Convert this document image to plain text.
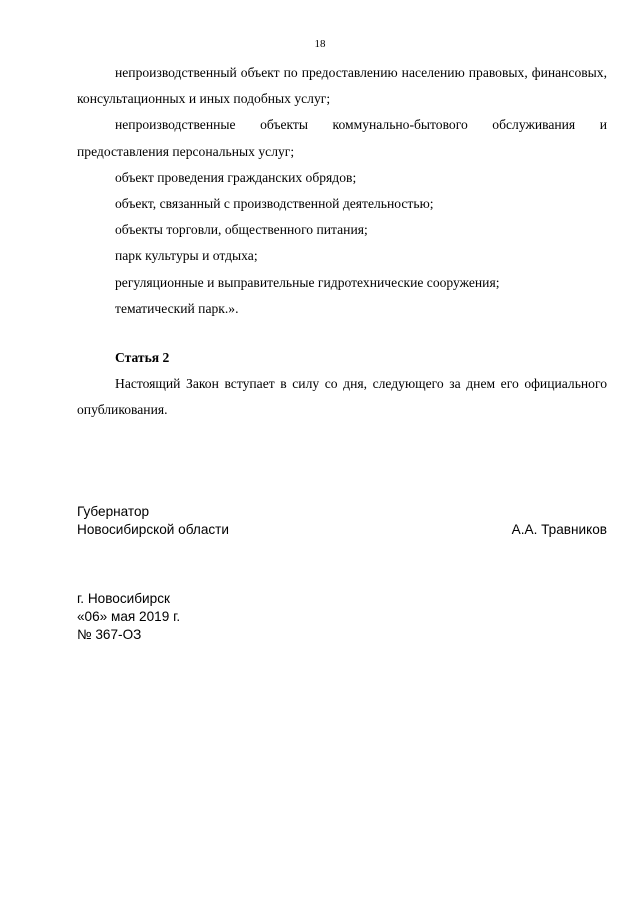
18

непроизводственный объект по предоставлению населению правовых, финансовых, консультационных и иных подобных услуг;

непроизводственные объекты коммунально-бытового обслуживания и предоставления персональных услуг;

объект проведения гражданских обрядов;

объект, связанный с производственной деятельностью;

объекты торговли, общественного питания;

парк культуры и отдыха;

регуляционные и выправительные гидротехнические сооружения;

тематический парк.».

Статья 2

Настоящий Закон вступает в силу со дня, следующего за днем его официального опубликования.

Губернатор
Новосибирской области	А.А. Травников
г. Новосибирск
«06» мая 2019 г.
№ 367-ОЗ
